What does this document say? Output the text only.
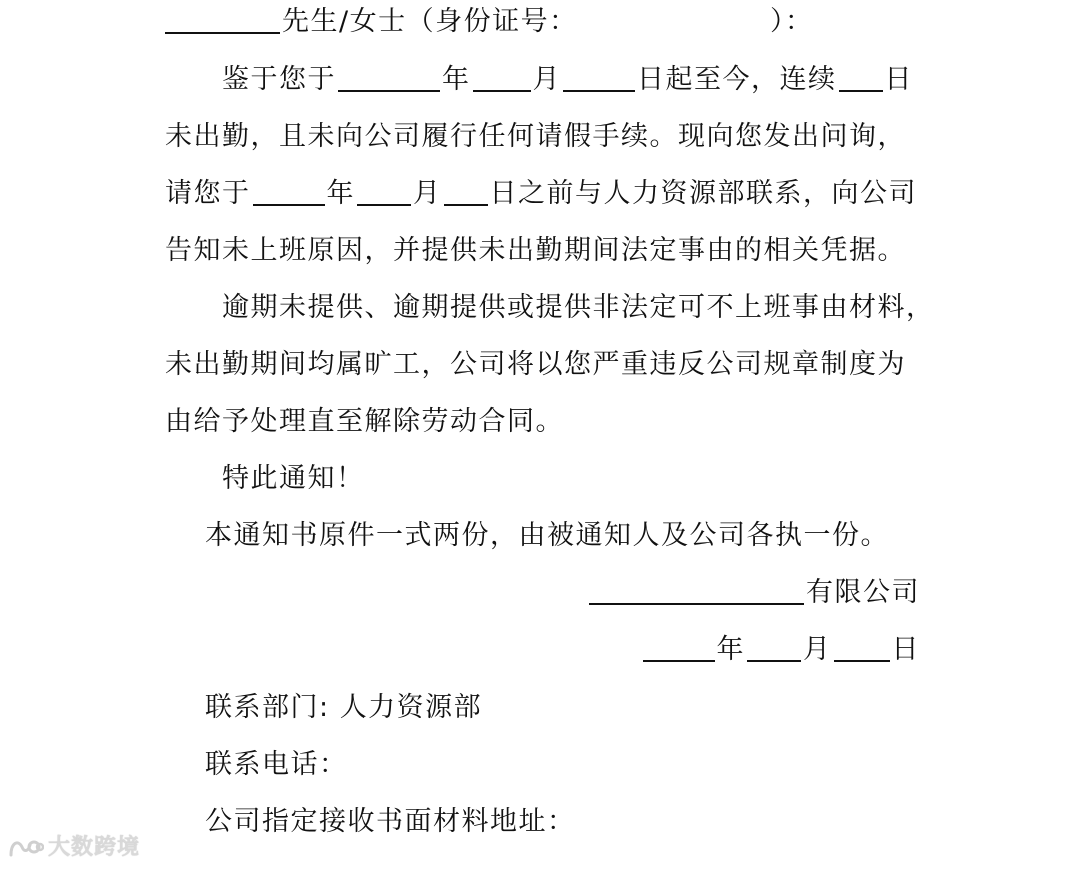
先生/女士（身份证号：	）：
鉴于您于	年 月	日起至今，连续 日
未出勤，且未向公司履行任何请假手续。现向您发出问询，
请您于	年 月 日之前与人力资源部联系，向公司
告知未上班原因，并提供未出勤期间法定事由的相关凭据。
逾期未提供、逾期提供或提供非法定可不上班事由材料，
未出勤期间均属旷工，公司将以您严重违反公司规章制度为
由给予处理直至解除劳动合同。
特此通知！
本通知书原件一式两份，由被通知人及公司各执一份。
有限公司
年 月 日
联系部门: 人力资源部
联系电话：
公司指定接收书面材料地址：
大数跨境
